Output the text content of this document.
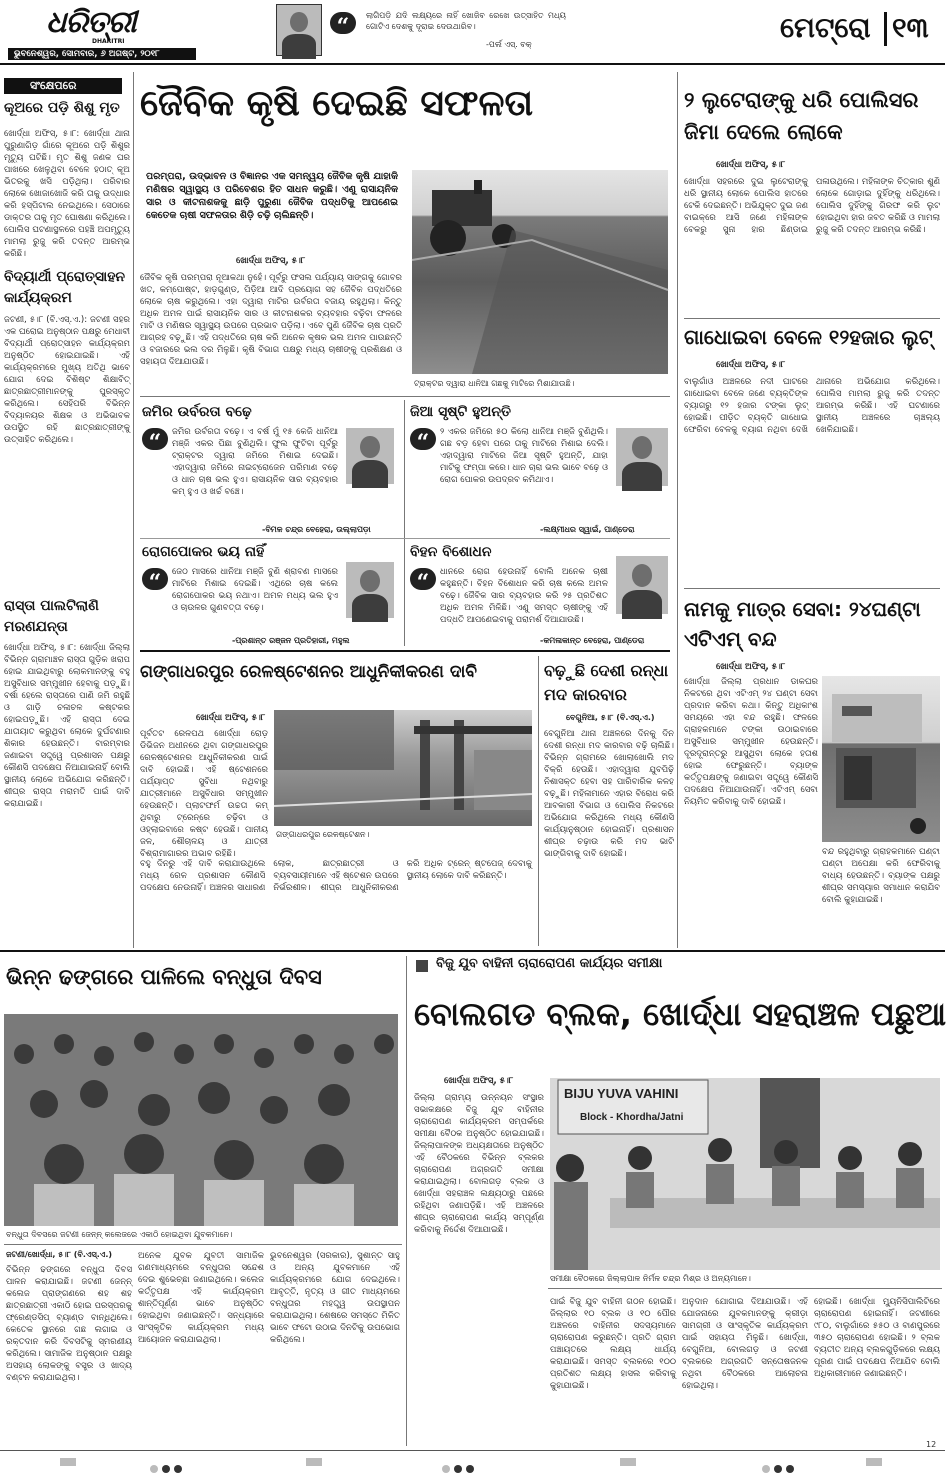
ଧରିତ୍ରୀ
DHARITRI
ଭୁବନେଶ୍ୱର, ସୋମବାର, ୬ ଅଗଷ୍ଟ, ୨୦୧୮
“	ଲାଗିପଡ଼ି ଯଦି ଲକ୍ଷ୍ୟରେ ନାହିଁ ଖୋଜିବ ରେଖେ ଉତ୍ସାହିତ ମଧ୍ୟ ଗୋଟିଏ ଦେଶକୁ ଦୂରାଇ ଦେଉଥାରିବ।
-ପର୍ଲ ଏସ୍. ବକ୍
ମେଟ୍ରୋ ୧୩
ସଂକ୍ଷେପରେ
କୂଅରେ ପଡ଼ି ଶିଶୁ ମୃତ
ଖୋର୍ଦ୍ଧା ଅଫିସ୍, ୫।୮: ଖୋର୍ଦ୍ଧା ଥାନା ପୁରୁଣାଗିଡ଼ ଗାଁରେ କୂଅରେ ପଡ଼ି ଶିଶୁର ମୃତ୍ୟୁ ଘଟିଛି। ମୃତ ଶିଶୁ ଜଣକ ଘର ପାଖରେ ଖେଳୁଥିବା ବେଳେ ହଠାତ୍ କୂଅ ଭିତରକୁ ଖସି ପଡ଼ିଥିଲା। ପରିବାର ଲୋକେ ଖୋଜାଖୋଜି କରି ତାକୁ ଉଦ୍ଧାର କରି ହସ୍ପିଟାଲ ନେଇଥିଲେ। ସେଠାରେ ଡାକ୍ତର ତାକୁ ମୃତ ଘୋଷଣା କରିଥିଲେ। ପୋଲିସ ଘଟଣାସ୍ଥଳରେ ପହଞ୍ଚି ଅପମୃତ୍ୟୁ ମାମଲା ରୁଜୁ କରି ତଦନ୍ତ ଆରମ୍ଭ କରିଛି।
ବିଦ୍ୟାର୍ଥୀ ପ୍ରୋତ୍ସାହନ କାର୍ଯ୍ୟକ୍ରମ
ଜଟଣୀ, ୫।୮ (ବି.ଏସ୍.ଏ.): ଜଟଣୀ ସହର ଏକ ଘରୋଇ ଅନୁଷ୍ଠାନ ପକ୍ଷରୁ ମେଧାବୀ ବିଦ୍ୟାର୍ଥୀ ପ୍ରୋତ୍ସାହନ କାର୍ଯ୍ୟକ୍ରମ ଅନୁଷ୍ଠିତ ହୋଇଯାଇଛି। ଏହି କାର୍ଯ୍ୟକ୍ରମରେ ମୁଖ୍ୟ ଅତିଥି ଭାବେ ଯୋଗ ଦେଇ ବିଶିଷ୍ଟ ଶିକ୍ଷାବିତ୍ ଛାତ୍ରଛାତ୍ରୀମାନଙ୍କୁ ପୁରସ୍କୃତ କରିଥିଲେ। ସେହିପରି ବିଭିନ୍ନ ବିଦ୍ୟାଳୟର ଶିକ୍ଷକ ଓ ଅଭିଭାବକ ଉପସ୍ଥିତ ରହି ଛାତ୍ରଛାତ୍ରୀଙ୍କୁ ଉତ୍ସାହିତ କରିଥିଲେ।
ରାସ୍ତା ପାଲଟିଲାଣି ମରଣଯନ୍ତା
ଖୋର୍ଦ୍ଧା ଅଫିସ୍, ୫।୮: ଖୋର୍ଦ୍ଧା ଜିଲ୍ଲା ବିଭିନ୍ନ ଗ୍ରାମାଞ୍ଚଳ ରାସ୍ତା ଗୁଡ଼ିକ ଖରାପ ହୋଇ ଯାଇଥିବାରୁ ଲୋକମାନଙ୍କୁ ବହୁ ଅସୁବିଧାର ସମ୍ମୁଖୀନ ହେବାକୁ ପଡ଼ୁଛି। ବର୍ଷା ହେଲେ ରାସ୍ତାରେ ପାଣି ଜମି ରହୁଛି ଓ ଗାଡ଼ି ଚଳାଚଳ କଷ୍ଟକର ହୋଇପଡ଼ୁଛି। ଏହି ରାସ୍ତା ଦେଇ ଯାତାୟାତ କରୁଥିବା ଲୋକେ ଦୁର୍ଘଟଣାର ଶିକାର ହେଉଛନ୍ତି। ବାରମ୍ବାର ଜଣାଇବା ସତ୍ତ୍ୱେ ପ୍ରଶାସନ ପକ୍ଷରୁ କୌଣସି ପଦକ୍ଷେପ ନିଆଯାଇନାହିଁ ବୋଲି ସ୍ଥାନୀୟ ଲୋକେ ଅଭିଯୋଗ କରିଛନ୍ତି। ଶୀଘ୍ର ରାସ୍ତା ମରାମତି ପାଇଁ ଦାବି କରାଯାଇଛି।
ଜୈବିକ କୃଷି ଦେଇଛି ସଫଳତା
ପରମ୍ପରା, ଉଦ୍ଭାବନ ଓ ବିଜ୍ଞାନର ଏକ ସମନ୍ୱୟ ଜୈବିକ କୃଷି ଯାହାକି ମଣିଷର ସ୍ୱାସ୍ଥ୍ୟ ଓ ପରିବେଶର ହିତ ସାଧନ କରୁଛି। ଏଣୁ ରାସାୟନିକ ସାର ଓ କୀଟନାଶକକୁ ଛାଡ଼ି ପୁରୁଣା ଜୈବିକ ପଦ୍ଧତିକୁ ଆପଣେଇ କେତେକ ଚାଷୀ ସଫଳତାର ଶିଡ଼ି ଚଢ଼ି ଚାଲିଛନ୍ତି।
ଖୋର୍ଦ୍ଧା ଅଫିସ୍, ୫।୮
ଜୈବିକ କୃଷି ପରମ୍ପରା ନୂଆକଥା ନୁହେଁ। ପୂର୍ବରୁ ଫସଲ ପର୍ଯ୍ୟାୟ ସାଙ୍ଗକୁ ଗୋବର ଖତ, କମ୍ପୋଷ୍ଟ, ହାଡ଼ଗୁଣ୍ଡ, ପିଡ଼ିଆ ଆଦି ପ୍ରୟୋଗ ସହ ଜୈବିକ ପଦ୍ଧତିରେ ଲୋକେ ଚାଷ କରୁଥିଲେ। ଏହା ଦ୍ୱାରା ମାଟିର ଉର୍ବରତା ବଜାୟ ରହୁଥିଲା। କିନ୍ତୁ ଅଧିକ ଅମଳ ପାଇଁ ରାସାୟନିକ ସାର ଓ କୀଟନାଶକର ବ୍ୟବହାର ବଢ଼ିବା ଫଳରେ ମାଟି ଓ ମଣିଷର ସ୍ୱାସ୍ଥ୍ୟ ଉପରେ ପ୍ରଭାବ ପଡ଼ିଲା। ଏବେ ପୁଣି ଜୈବିକ ଚାଷ ପ୍ରତି ଆଗ୍ରହ ବଢ଼ୁଛି। ଏହି ପଦ୍ଧତିରେ ଚାଷ କରି ଅନେକ କୃଷକ ଭଲ ଅମଳ ପାଉଛନ୍ତି ଓ ବଜାରରେ ଭଲ ଦର ମିଳୁଛି। କୃଷି ବିଭାଗ ପକ୍ଷରୁ ମଧ୍ୟ ଚାଷୀଙ୍କୁ ପ୍ରଶିକ୍ଷଣ ଓ ସହାୟତା ଦିଆଯାଉଛି।
ଟ୍ରାକ୍ଟର ଦ୍ୱାରା ଧାନିଆ ଗଛକୁ ମାଟିରେ ମିଶାଯାଉଛି।
ଜମିର ଉର୍ବରତା ବଢ଼େ
“	ଜମିର ଉର୍ବରତା ବଢ଼େ। ଏ ବର୍ଷ ମୁଁ ୧୫ କେଜି ଧାନିଆ ମଞ୍ଜି ଏକର ପିଛା ବୁଣିଥିଲି। ଫୁଲ ଫୁଟିବା ପୂର୍ବରୁ ଟ୍ରାକ୍ଟର ଦ୍ୱାରା ଜମିରେ ମିଶାଇ ଦେଇଛି। ଏହାଦ୍ୱାରା ଜମିରେ ନାଇଟ୍ରୋଜେନ ପରିମାଣ ବଢ଼େ ଓ ଧାନ ଚାଷ ଭଲ ହୁଏ। ରାସାୟନିକ ସାର ବ୍ୟବହାର କମ୍ ହୁଏ ଓ ଖର୍ଚ୍ଚ ବଞ୍ଚେ।
-ବିମଳ ଚନ୍ଦ୍ର ବେହେରା, ଉଲ୍ଲାପଡ଼ା
ଜିଆ ସୃଷ୍ଟି ହୁଅନ୍ତି
“	୨ ଏକର ଜମିରେ ୫୦ କିଲୋ ଧାନିଆ ମଞ୍ଜି ବୁଣିଥିଲି। ଗଛ ବଡ଼ ହେବା ପରେ ତାକୁ ମାଟିରେ ମିଶାଇ ଦେଲି। ଏହାଦ୍ୱାରା ମାଟିରେ ଜିଆ ସୃଷ୍ଟି ହୁଅନ୍ତି, ଯାହା ମାଟିକୁ ଫମ୍ପା କରେ। ଧାନ ଚାରା ଭଲ ଭାବେ ବଢ଼େ ଓ ରୋଗ ପୋକର ଉପଦ୍ରବ କମିଥାଏ।
-ଲକ୍ଷ୍ମୀଧର ସ୍ୱାଇଁ, ପାଣ୍ଡେରା
ରୋଗପୋକର ଭୟ ନାହିଁ
“	ଜେଠ ମାସରେ ଧାନିଆ ମଞ୍ଜି ବୁଣି ଶ୍ରାବଣ ମାସରେ ମାଟିରେ ମିଶାଇ ଦେଇଛି। ଏଥିରେ ଚାଷ କଲେ ରୋଗପୋକର ଭୟ ନଥାଏ। ଅମଳ ମଧ୍ୟ ଭଲ ହୁଏ ଓ ଚାଉଳର ଗୁଣବତ୍ତା ବଢ଼େ।
-ପ୍ରଶାନ୍ତ ରଞ୍ଜନ ପ୍ରତିହାରୀ, ମହୁଲ
ବିହନ ବିଶୋଧନ
“	ଧାନରେ ରୋଗ ହେଉନାହିଁ ବୋଲି ଅନେକ ଚାଷୀ କହୁଛନ୍ତି। ବିହନ ବିଶୋଧନ କରି ଚାଷ କଲେ ଅମଳ ବଢ଼େ। ଜୈବିକ ସାର ବ୍ୟବହାର କରି ୨୫ ପ୍ରତିଶତ ଅଧିକ ଅମଳ ମିଳିଛି। ଏଣୁ ସମସ୍ତ ଚାଷୀଙ୍କୁ ଏହି ପଦ୍ଧତି ଆପଣେଇବାକୁ ପରାମର୍ଶ ଦିଆଯାଉଛି।
-କମଳାକାନ୍ତ ବେହେରା, ପାଣ୍ଡେରା
୨ ଲୁଟେରାଙ୍କୁ ଧରି ପୋଲିସର ଜିମା ଦେଲେ ଲୋକେ
ଖୋର୍ଦ୍ଧା ଅଫିସ୍, ୫।୮
ଖୋର୍ଦ୍ଧା ସହରରେ ଦୁଇ ଲୁଟେରାଙ୍କୁ ଧରି ସ୍ଥାନୀୟ ଲୋକେ ପୋଲିସ ହାତରେ ଟେକି ଦେଇଛନ୍ତି। ଅଭିଯୁକ୍ତ ଦୁଇ ଜଣ ବାଇକ୍‌ରେ ଆସି ଜଣେ ମହିଳାଙ୍କ ବେକରୁ ସୁନା ହାର ଛିଣ୍ଡାଇ ପଳାଉଥିଲେ। ମହିଳାଙ୍କ ଚିତ୍କାର ଶୁଣି ଲୋକେ ଗୋଡ଼ାଇ ଦୁହିଁଙ୍କୁ ଧରିଥିଲେ। ପୋଲିସ ଦୁହିଁଙ୍କୁ ଗିରଫ କରି ଲୁଟ ହୋଇଥିବା ହାର ଜବତ କରିଛି ଓ ମାମଲା ରୁଜୁ କରି ତଦନ୍ତ ଆରମ୍ଭ କରିଛି।
ଗାଧୋଇବା ବେଳେ ୧୨ହଜାର ଲୁଟ୍
ଖୋର୍ଦ୍ଧା ଅଫିସ୍, ୫।୮
ବାଲୁଗାଁଓ ଅଞ୍ଚଳରେ ନଦୀ ଘାଟରେ ଗାଧୋଇବା ବେଳେ ଜଣେ ବ୍ୟକ୍ତିଙ୍କ ବ୍ୟାଗରୁ ୧୨ ହଜାର ଟଙ୍କା ଲୁଟ୍ ହୋଇଛି। ପୀଡ଼ିତ ବ୍ୟକ୍ତି ଗାଧୋଇ ଫେରିବା ବେଳକୁ ବ୍ୟାଗ ନଥିବା ଦେଖି ଥାନାରେ ଅଭିଯୋଗ କରିଥିଲେ। ପୋଲିସ ମାମଲା ରୁଜୁ କରି ତଦନ୍ତ ଆରମ୍ଭ କରିଛି। ଏହି ଘଟଣାରେ ସ୍ଥାନୀୟ ଅଞ୍ଚଳରେ ଚାଞ୍ଚଲ୍ୟ ଖେଳିଯାଇଛି।
ନାମକୁ ମାତ୍ର ସେବା: ୨୪ଘଣ୍ଟା ଏଟିଏମ୍ ବନ୍ଦ
ଖୋର୍ଦ୍ଧା ଅଫିସ୍, ୫।୮
ଖୋର୍ଦ୍ଧା ଜିଲ୍ଲା ପ୍ରଧାନ ଡାକଘର ନିକଟରେ ଥିବା ଏଟିଏମ୍ ୨୪ ଘଣ୍ଟା ସେବା ପ୍ରଦାନ କରିବା କଥା। କିନ୍ତୁ ଅଧିକାଂଶ ସମୟରେ ଏହା ବନ୍ଦ ରହୁଛି। ଫଳରେ ଗ୍ରାହକମାନେ ଟଙ୍କା ଉଠାଇବାରେ ଅସୁବିଧାର ସମ୍ମୁଖୀନ ହେଉଛନ୍ତି। ଦୂରଦୂରାନ୍ତରୁ ଆସୁଥିବା ଲୋକେ ହତାଶ ହୋଇ ଫେରୁଛନ୍ତି। ବ୍ୟାଙ୍କ କର୍ତ୍ତୃପକ୍ଷଙ୍କୁ ଜଣାଇବା ସତ୍ତ୍ୱେ କୌଣସି ପଦକ୍ଷେପ ନିଆଯାଉନାହିଁ। ଏଟିଏମ୍ ସେବା ନିୟମିତ କରିବାକୁ ଦାବି ହୋଇଛି।
ବନ୍ଦ ରହୁଥିବାରୁ ଗ୍ରାହକମାନେ ଘଣ୍ଟା ଘଣ୍ଟା ଅପେକ୍ଷା କରି ଫେରିବାକୁ ବାଧ୍ୟ ହେଉଛନ୍ତି। ବ୍ୟାଙ୍କ ପକ୍ଷରୁ ଶୀଘ୍ର ସମସ୍ୟାର ସମାଧାନ କରାଯିବ ବୋଲି କୁହାଯାଇଛି।
ଗଙ୍ଗାଧରପୁର ରେଳଷ୍ଟେଶନର ଆଧୁନିକୀକରଣ ଦାବି
ଖୋର୍ଦ୍ଧା ଅଫିସ୍, ୫।୮
ପୂର୍ବତଟ ରେଳପଥ ଖୋର୍ଦ୍ଧା ରୋଡ଼ ଡିଭିଜନ ଅଧୀନରେ ଥିବା ଗଙ୍ଗାଧରପୁର ରେଳଷ୍ଟେଶନର ଆଧୁନିକୀକରଣ ପାଇଁ ଦାବି ହୋଇଛି। ଏହି ଷ୍ଟେଶନରେ ପର୍ଯ୍ୟାପ୍ତ ସୁବିଧା ନଥିବାରୁ ଯାତ୍ରୀମାନେ ଅସୁବିଧାର ସମ୍ମୁଖୀନ ହେଉଛନ୍ତି। ପ୍ଲାଟଫର୍ମ ଉଚ୍ଚତା କମ୍ ଥିବାରୁ ଟ୍ରେନ୍‌ରେ ଚଢ଼ିବା ଓ ଓହ୍ଲାଇବାରେ କଷ୍ଟ ହେଉଛି। ପାନୀୟ ଜଳ, ଶୌଚାଳୟ ଓ ଯାତ୍ରୀ ବିଶ୍ରାମାଗାରର ଅଭାବ ରହିଛି।
ଗଙ୍ଗାଧରପୁର ରେଳଷ୍ଟେଶନ।
ବହୁ ଦିନରୁ ଏହି ଦାବି କରାଯାଉଥିଲେ ମଧ୍ୟ ରେଳ ପ୍ରଶାସନ କୌଣସି ପଦକ୍ଷେପ ନେଉନାହିଁ। ଅଞ୍ଚଳର ସାଧାରଣ ଲୋକ, ଛାତ୍ରଛାତ୍ରୀ ଓ ବ୍ୟବସାୟୀମାନେ ଏହି ଷ୍ଟେଶନ ଉପରେ ନିର୍ଭରଶୀଳ। ଶୀଘ୍ର ଆଧୁନିକୀକରଣ କରି ଅଧିକ ଟ୍ରେନ୍ ଷ୍ଟପେଜ୍ ଦେବାକୁ ସ୍ଥାନୀୟ ଲୋକେ ଦାବି କରିଛନ୍ତି।
ବଢ଼ୁଛି ଦେଶୀ ରନ୍ଧା ମଦ କାରବାର
ବେଗୁନିଆ, ୫।୮ (ବି.ଏସ୍.ଏ.)
ବେଗୁନିଆ ଥାନା ଅଞ୍ଚଳରେ ଦିନକୁ ଦିନ ଦେଶୀ ରନ୍ଧା ମଦ କାରବାର ବଢ଼ି ଚାଲିଛି। ବିଭିନ୍ନ ଗ୍ରାମରେ ଖୋଲାଖୋଲି ମଦ ବିକ୍ରି ହେଉଛି। ଏହାଦ୍ୱାରା ଯୁବପିଢ଼ି ନିଶାସକ୍ତ ହେବା ସହ ପାରିବାରିକ କଳହ ବଢ଼ୁଛି। ମହିଳାମାନେ ଏହାର ବିରୋଧ କରି ଆବକାରୀ ବିଭାଗ ଓ ପୋଲିସ ନିକଟରେ ଅଭିଯୋଗ କରିଥିଲେ ମଧ୍ୟ କୌଣସି କାର୍ଯ୍ୟାନୁଷ୍ଠାନ ହୋଇନାହିଁ। ପ୍ରଶାସନ ଶୀଘ୍ର ଚଢ଼ାଉ କରି ମଦ ଭାଟି ଭାଙ୍ଗିବାକୁ ଦାବି ହୋଇଛି।
ଭିନ୍ନ ଢଙ୍ଗରେ ପାଳିଲେ ବନ୍ଧୁତା ଦିବସ
ବନ୍ଧୁତା ଦିବସରେ ଜଟଣୀ ଜେନ୍ନ୍ କଲେଜରେ ଏକାଠି ହୋଇଥିବା ଯୁବକମାନେ।
ଜଟଣୀ/ଖୋର୍ଦ୍ଧା, ୫।୮ (ବି.ଏସ୍.ଏ.)
ବିଭିନ୍ନ ଢଙ୍ଗରେ ବନ୍ଧୁତା ଦିବସ ପାଳନ କରାଯାଇଛି। ଜଟଣୀ ଜେନ୍ନ୍ କଲେଜ ପ୍ରାଙ୍ଗଣରେ ଶହ ଶହ ଛାତ୍ରଛାତ୍ରୀ ଏକାଠି ହୋଇ ପରସ୍ପରକୁ ଫ୍ରେଣ୍ଡସିପ୍ ବ୍ୟାଣ୍ଡ ବାନ୍ଧିଥିଲେ। କେତେକ ସ୍ଥାନରେ ଗଛ ଲଗାଇ ଓ ରକ୍ତଦାନ କରି ଦିବସଟିକୁ ସ୍ମରଣୀୟ କରିଥିଲେ। ସାମାଜିକ ଅନୁଷ୍ଠାନ ପକ୍ଷରୁ ଅସହାୟ ଲୋକଙ୍କୁ ବସ୍ତ୍ର ଓ ଖାଦ୍ୟ ବଣ୍ଟନ କରାଯାଇଥିଲା।
ଅନେକ ଯୁବକ ଯୁବତୀ ସାମାଜିକ ଗଣମାଧ୍ୟମରେ ବନ୍ଧୁତାର ସନ୍ଦେଶ ଦେଇ ଶୁଭେଚ୍ଛା ଜଣାଇଥିଲେ। କଲେଜ କର୍ତ୍ତୃପକ୍ଷ ଏହି କାର୍ଯ୍ୟକ୍ରମ ଶାନ୍ତିପୂର୍ଣ୍ଣ ଭାବେ ଅନୁଷ୍ଠିତ ହୋଇଥିବା ଜଣାଇଛନ୍ତି। ସନ୍ଧ୍ୟାରେ ସାଂସ୍କୃତିକ କାର୍ଯ୍ୟକ୍ରମ ମଧ୍ୟ ଆୟୋଜନ କରାଯାଇଥିଲା।
ଭୁବନେଶ୍ୱର (ସରକାର), ସୁଶାନ୍ତ ସାହୁ ଓ ଅନ୍ୟ ଯୁବକମାନେ ଏହି କାର୍ଯ୍ୟକ୍ରମରେ ଯୋଗ ଦେଇଥିଲେ। ଆବୃତ୍ତି, ନୃତ୍ୟ ଓ ଗୀତ ମାଧ୍ୟମରେ ବନ୍ଧୁତାର ମହତ୍ତ୍ୱ ଉପସ୍ଥାପନ କରାଯାଇଥିଲା। ଶେଷରେ ସମସ୍ତେ ମିଳିତ ଭାବେ ଫଟୋ ଉଠାଇ ଦିନଟିକୁ ଉପଭୋଗ କରିଥିଲେ।
ବିଜୁ ଯୁବ ବାହିନୀ ଚାରାରୋପଣ କାର୍ଯ୍ୟର ସମୀକ୍ଷା
ବୋଲଗଡ ବ୍ଲକ, ଖୋର୍ଦ୍ଧା ସହରାଞ୍ଚଳ ପଛୁଆ
ଖୋର୍ଦ୍ଧା ଅଫିସ୍, ୫।୮
ଜିଲ୍ଲା ଗ୍ରାମ୍ୟ ଉନ୍ନୟନ ସଂସ୍ଥାର ସଭାକକ୍ଷରେ ବିଜୁ ଯୁବ ବାହିନୀର ଚାରାରୋପଣ କାର୍ଯ୍ୟକ୍ରମ ସମ୍ପର୍କରେ ସମୀକ୍ଷା ବୈଠକ ଅନୁଷ୍ଠିତ ହୋଇଯାଇଛି। ଜିଲ୍ଲାପାଳଙ୍କ ଅଧ୍ୟକ୍ଷତାରେ ଅନୁଷ୍ଠିତ ଏହି ବୈଠକରେ ବିଭିନ୍ନ ବ୍ଲକର ଚାରାରୋପଣ ଅଗ୍ରଗତି ସମୀକ୍ଷା କରାଯାଇଥିଲା। ବୋଲଗଡ଼ ବ୍ଲକ ଓ ଖୋର୍ଦ୍ଧା ସହରାଞ୍ଚଳ ଲକ୍ଷ୍ୟଠାରୁ ପଛରେ ରହିଥିବା ଜଣାପଡ଼ିଛି। ଏହି ଅଞ୍ଚଳରେ ଶୀଘ୍ର ଚାରାରୋପଣ କାର୍ଯ୍ୟ ସମ୍ପୂର୍ଣ୍ଣ କରିବାକୁ ନିର୍ଦ୍ଦେଶ ଦିଆଯାଇଛି।
BIJU YUVA VAHINI
Block - Khordha/Jatni
ସମୀକ୍ଷା ବୈଠକରେ ଜିଲ୍ଲାପାଳ ନିର୍ମଳ ଚନ୍ଦ୍ର ମିଶ୍ର ଓ ଅନ୍ୟମାନେ।
ପାଇଁ ବିଜୁ ଯୁବ ବାହିନୀ ଗଠନ ହୋଇଛି। ଜିଲ୍ଲାର ୧୦ ବ୍ଲକ ଓ ୧୦ ପୌର ଅଞ୍ଚଳରେ ବାହିନୀର ସଦସ୍ୟମାନେ ଚାରାରୋପଣ କରୁଛନ୍ତି। ପ୍ରତି ଗ୍ରାମ ପଞ୍ଚାୟତରେ ଲକ୍ଷ୍ୟ ଧାର୍ଯ୍ୟ କରାଯାଇଛି। ସମସ୍ତ ବ୍ଲକରେ ୧୦୦ ପ୍ରତିଶତ ଲକ୍ଷ୍ୟ ହାସଲ କରିବାକୁ କୁହାଯାଇଛି।
ଅନୁଦାନ ଯୋଗାଇ ଦିଆଯାଉଛି। ଏହି ଯୋଜନାରେ ଯୁବକମାନଙ୍କୁ କ୍ରୀଡ଼ା ସାମଗ୍ରୀ ଓ ସାଂସ୍କୃତିକ କାର୍ଯ୍ୟକ୍ରମ ପାଇଁ ସହାୟତା ମିଳୁଛି। ଖୋର୍ଦ୍ଧା, ବେଗୁନିଆ, ବୋଲଗଡ଼ ଓ ଜଟଣୀ ବ୍ଲକରେ ଅଗ୍ରଗତି ସନ୍ତୋଷଜନକ ନଥିବା ବୈଠକରେ ଆଲୋଚନା ହୋଇଥିଲା।
ହୋଇଛି। ଖୋର୍ଦ୍ଧା ମ୍ୟୁନିସିପାଲିଟିରେ ଚାରାରୋପଣ ହୋଇନାହିଁ। ଜଟଣୀରେ ୯୮୦, ବାଲୁଗାଁରେ ୫୫୦ ଓ ବାଣପୁରରେ ୩୫୦ ଚାରାରୋପଣ ହୋଇଛି। ୨ ବ୍ଲକ ବ୍ୟତୀତ ଅନ୍ୟ ବ୍ଲକଗୁଡ଼ିକରେ ଲକ୍ଷ୍ୟ ପୂରଣ ପାଇଁ ପଦକ୍ଷେପ ନିଆଯିବ ବୋଲି ଅଧିକାରୀମାନେ ଜଣାଇଛନ୍ତି।
12
